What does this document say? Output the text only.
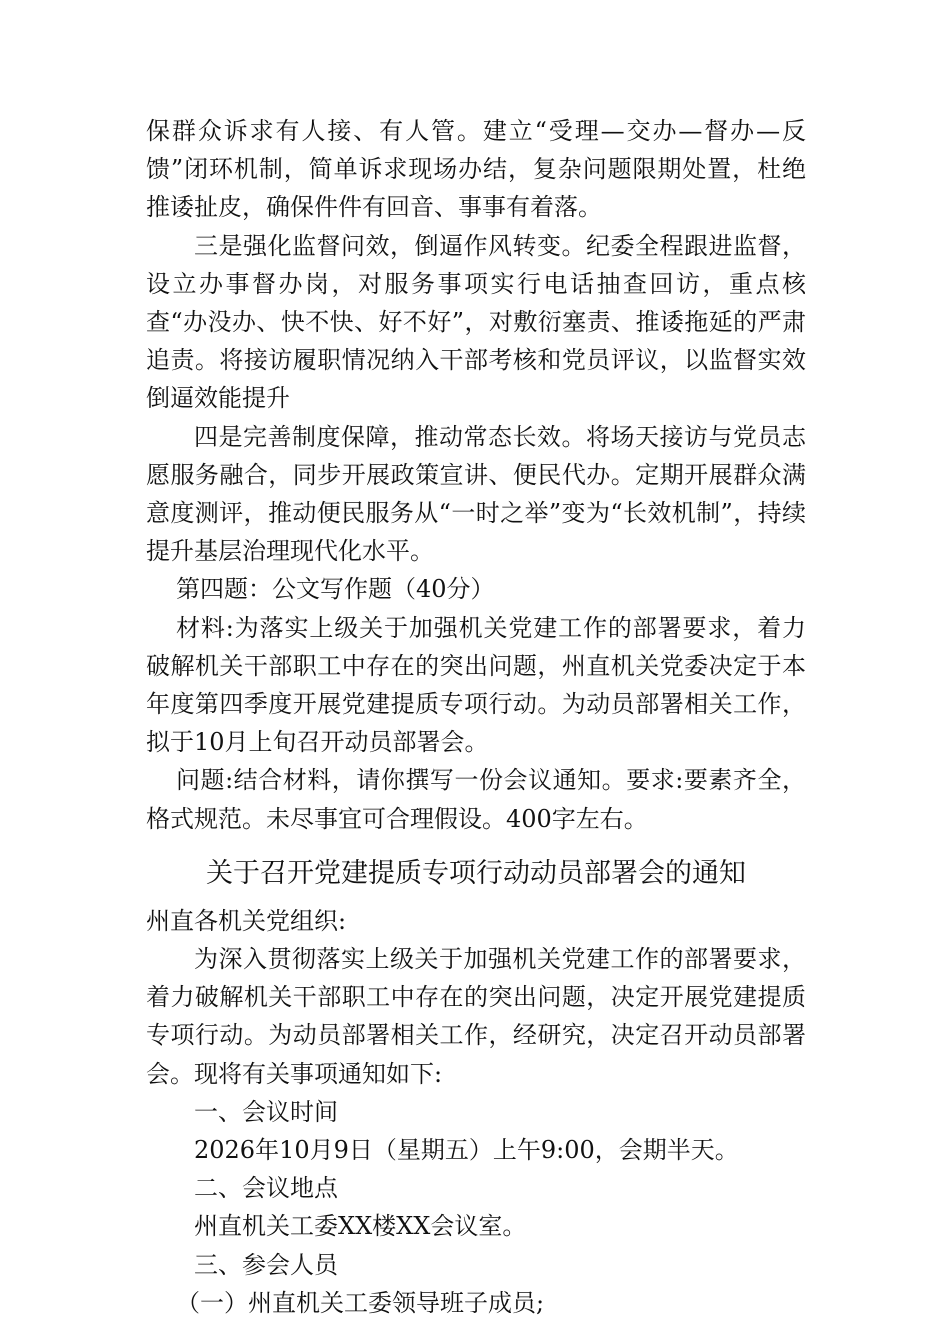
保群众诉求有人接、有人管。建立“受理—交办—督办—反馈”闭环机制，简单诉求现场办结，复杂问题限期处置，杜绝推诿扯皮，确保件件有回音、事事有着落。

三是强化监督问效，倒逼作风转变。纪委全程跟进监督，设立办事督办岗，对服务事项实行电话抽查回访，重点核查“办没办、快不快、好不好”，对敷衍塞责、推诿拖延的严肃追责。将接访履职情况纳入干部考核和党员评议，以监督实效倒逼效能提升

四是完善制度保障，推动常态长效。将场天接访与党员志愿服务融合，同步开展政策宣讲、便民代办。定期开展群众满意度测评，推动便民服务从“一时之举”变为“长效机制”，持续提升基层治理现代化水平。

第四题：公文写作题（40分）

材料:为落实上级关于加强机关党建工作的部署要求，着力破解机关干部职工中存在的突出问题，州直机关党委决定于本年度第四季度开展党建提质专项行动。为动员部署相关工作，拟于10月上旬召开动员部署会。

问题:结合材料，请你撰写一份会议通知。要求:要素齐全，格式规范。未尽事宜可合理假设。400字左右。

关于召开党建提质专项行动动员部署会的通知

州直各机关党组织:

为深入贯彻落实上级关于加强机关党建工作的部署要求，着力破解机关干部职工中存在的突出问题，决定开展党建提质专项行动。为动员部署相关工作，经研究，决定召开动员部署会。现将有关事项通知如下:

一、会议时间

2026年10月9日（星期五）上午9:00，会期半天。

二、会议地点

州直机关工委XX楼XX会议室。

三、参会人员

（一）州直机关工委领导班子成员;
